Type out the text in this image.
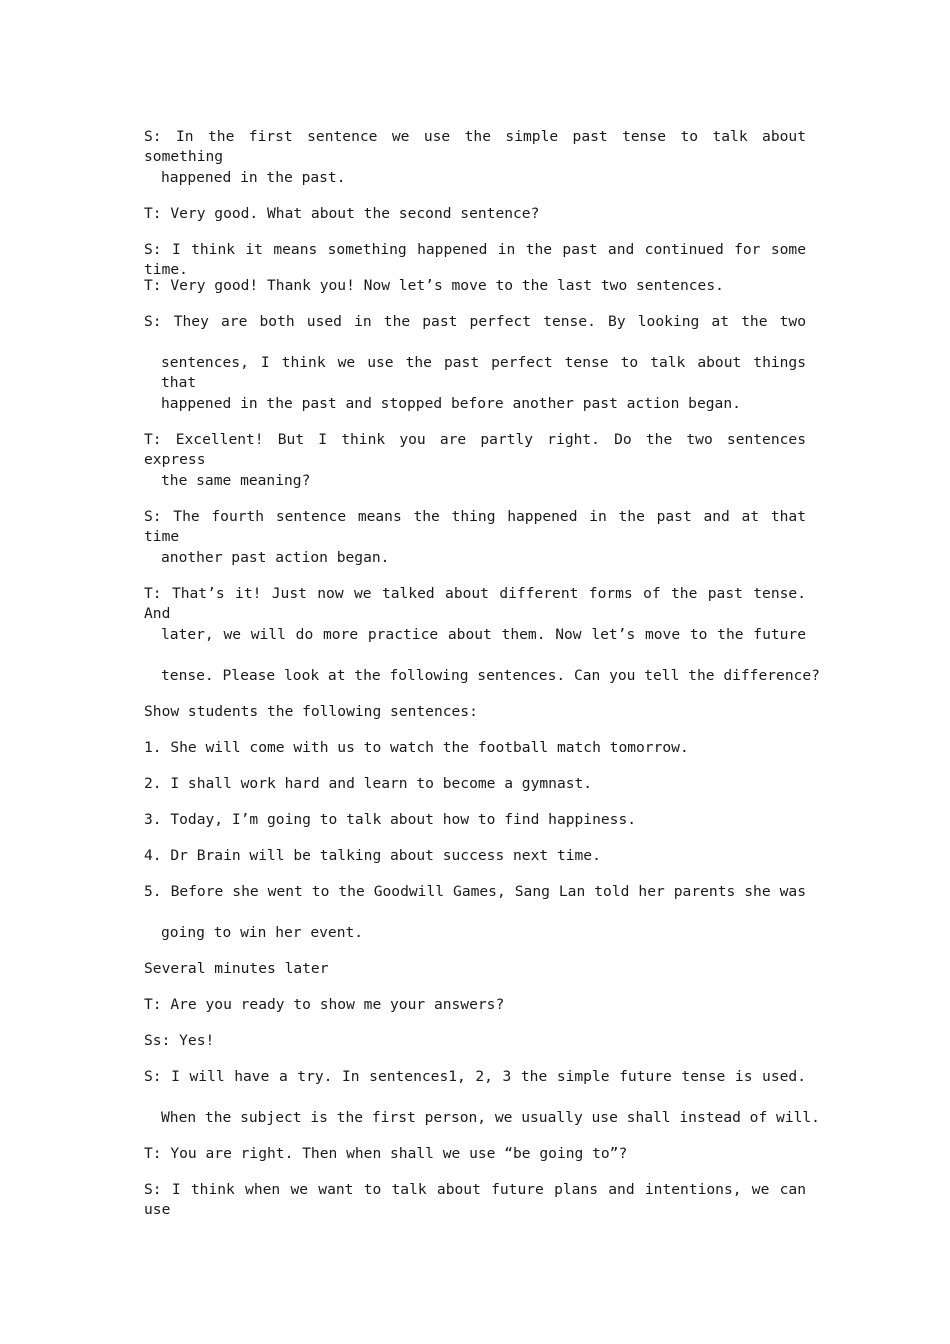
S: In the first sentence we use the simple past tense to talk about something
happened in the past.
T: Very good. What about the second sentence?
S: I think it means something happened in the past and continued for some time.
T: Very good! Thank you! Now let’s move to the last two sentences.
S: They are both used in the past perfect tense. By looking at the two
sentences, I think we use the past perfect tense to talk about things that
happened in the past and stopped before another past action began.
T: Excellent! But I think you are partly right. Do the two sentences express
the same meaning?
S: The fourth sentence means the thing happened in the past and at that time
another past action began.
T: That’s it! Just now we talked about different forms of the past tense. And
later, we will do more practice about them. Now let’s move to the future
tense. Please look at the following sentences. Can you tell the difference?
Show students the following sentences:
1. She will come with us to watch the football match tomorrow.
2. I shall work hard and learn to become a gymnast.
3. Today, I’m going to talk about how to find happiness.
4. Dr Brain will be talking about success next time.
5. Before she went to the Goodwill Games, Sang Lan told her parents she was
going to win her event.
Several minutes later
T: Are you ready to show me your answers?
Ss: Yes!
S: I will have a try. In sentences1, 2, 3 the simple future tense is used.
When the subject is the first person, we usually use shall instead of will.
T: You are right. Then when shall we use “be going to”?
S: I think when we want to talk about future plans and intentions, we can use
